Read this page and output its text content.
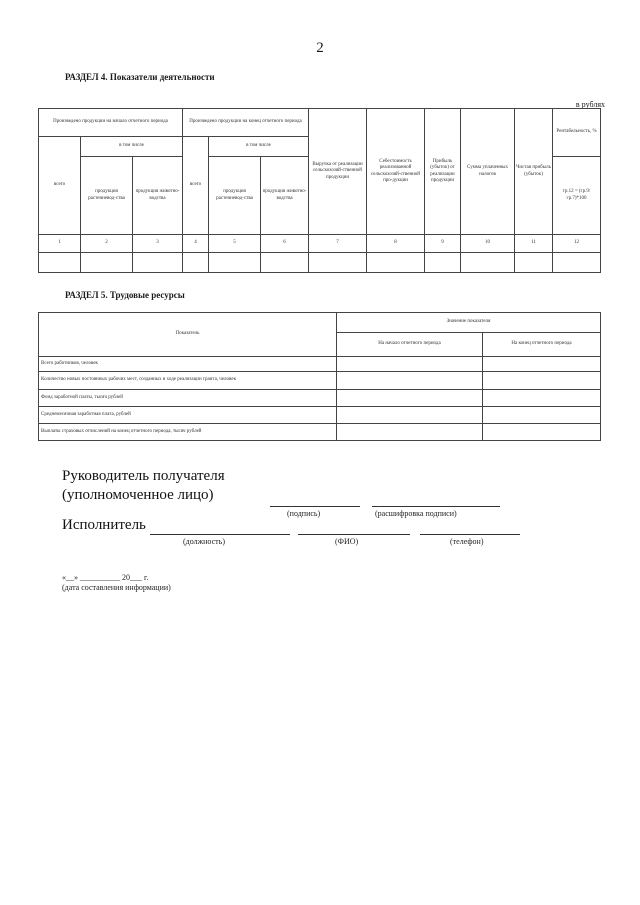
2
РАЗДЕЛ 4. Показатели деятельности
в рублях
Произведено продукции на начало отчетного периода			Произведено продукции на конец отчетного периода			Выручка от реализации сельскохозяй-ственной продукции	Себестоимость реализованной сельскохозяй-ственной про-дукции	Прибыль (убыток) от реализации продукции	Сумма уплаченных налогов	Чистая прибыль (убыток)	Рентабельность, %
всего	в том числе		всего	в том числе							
	продукция растениевод-ства	продукция животно-водства		продукция растениевод-ства	продукция животно-водства						гр.12 = (гр.9/гр.7)*100
1	2	3	4	5	6	7	8	9	10	11	12

РАЗДЕЛ 5. Трудовые ресурсы
Показатель	Значение показателя	
	На начало отчетного периода	На конец отчетного периода
Всего работников, человек		
Количество новых постоянных рабочих мест, созданных в ходе реализации гранта, человек		
Фонд заработной платы, тысяч рублей		
Среднемесячная заработная плата, рублей		
Выплаты страховых отчислений на конец отчетного периода, тысяч рублей		
Руководитель получателя
(уполномоченное лицо)
(подпись)	(расшифровка подписи)
Исполнитель
(должность)	(ФИО)	(телефон)
«__» __________ 20___ г.
(дата составления информации)
